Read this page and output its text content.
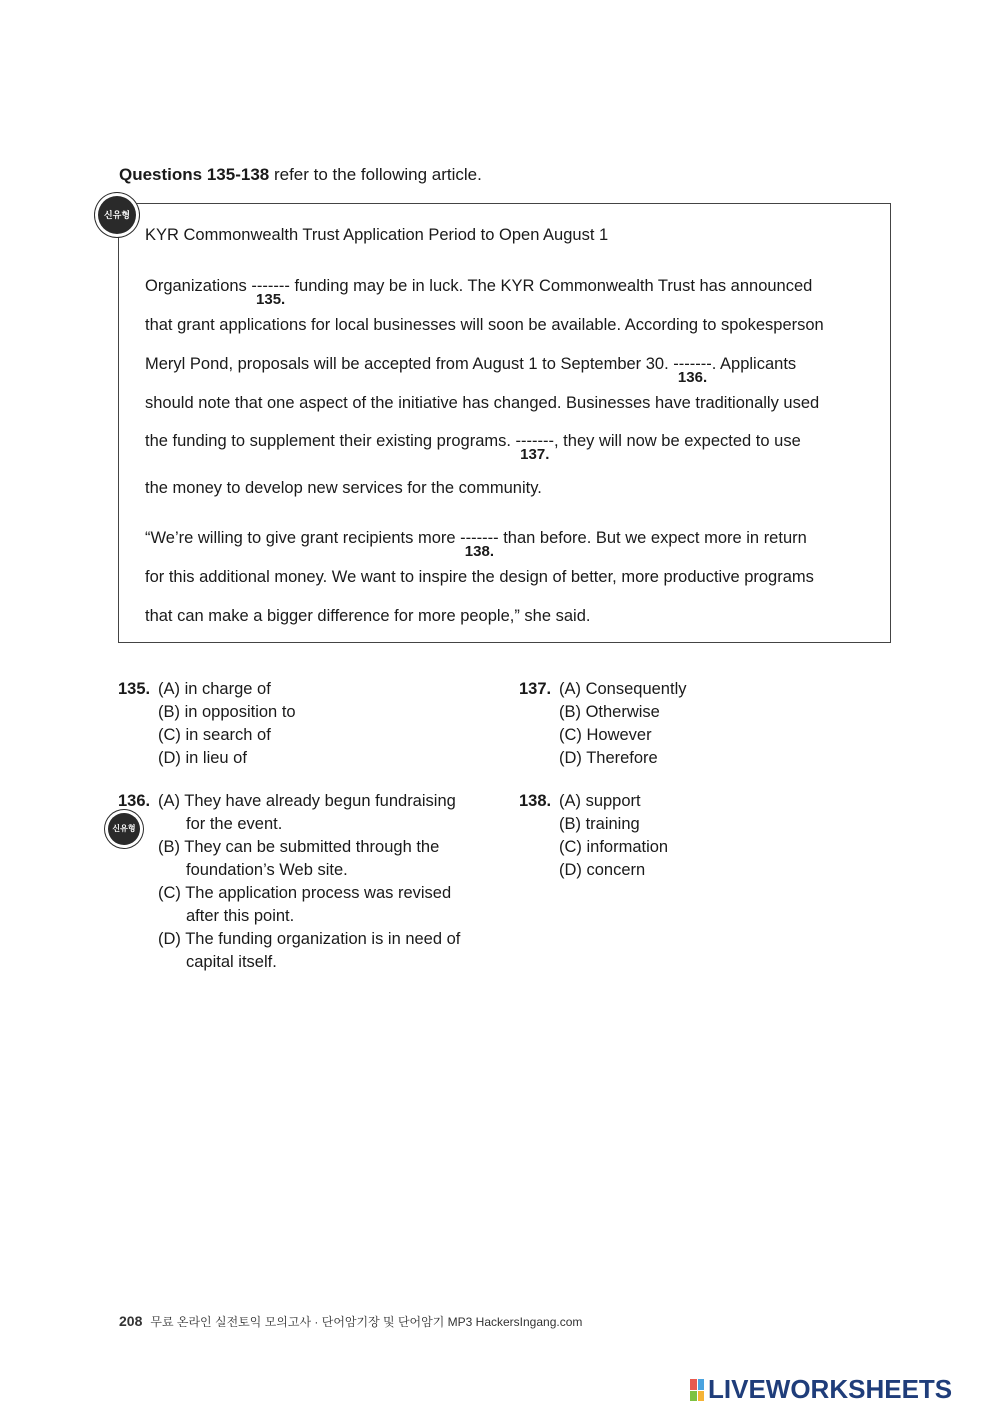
Questions 135-138 refer to the following article.
KYR Commonwealth Trust Application Period to Open August 1
Organizations -------
135.
funding may be in luck. The KYR Commonwealth Trust has announced
that grant applications for local businesses will soon be available. According to spokesperson
Meryl Pond, proposals will be accepted from August 1 to September 30. -------
136.
. Applicants
should note that one aspect of the initiative has changed. Businesses have traditionally used
the funding to supplement their existing programs. -------
137.
, they will now be expected to use
the money to develop new services for the community.
“We’re willing to give grant recipients more -------
138.
than before. But we expect more in return
for this additional money. We want to inspire the design of better, more productive programs
that can make a bigger difference for more people,” she said.
신유형
135. (A) in charge of
(B) in opposition to
(C) in search of
(D) in lieu of
137. (A) Consequently
(B) Otherwise
(C) However
(D) Therefore
136. (A) They have already begun fundraising
for the event.
(B) They can be submitted through the
foundation’s Web site.
(C) The application process was revised
after this point.
(D) The funding organization is in need of
capital itself.
신유형
138. (A) support
(B) training
(C) information
(D) concern
208 무료 온라인 실전토익 모의고사 · 단어암기장 및 단어암기 MP3 HackersIngang.com
LIVEWORKSHEETS
